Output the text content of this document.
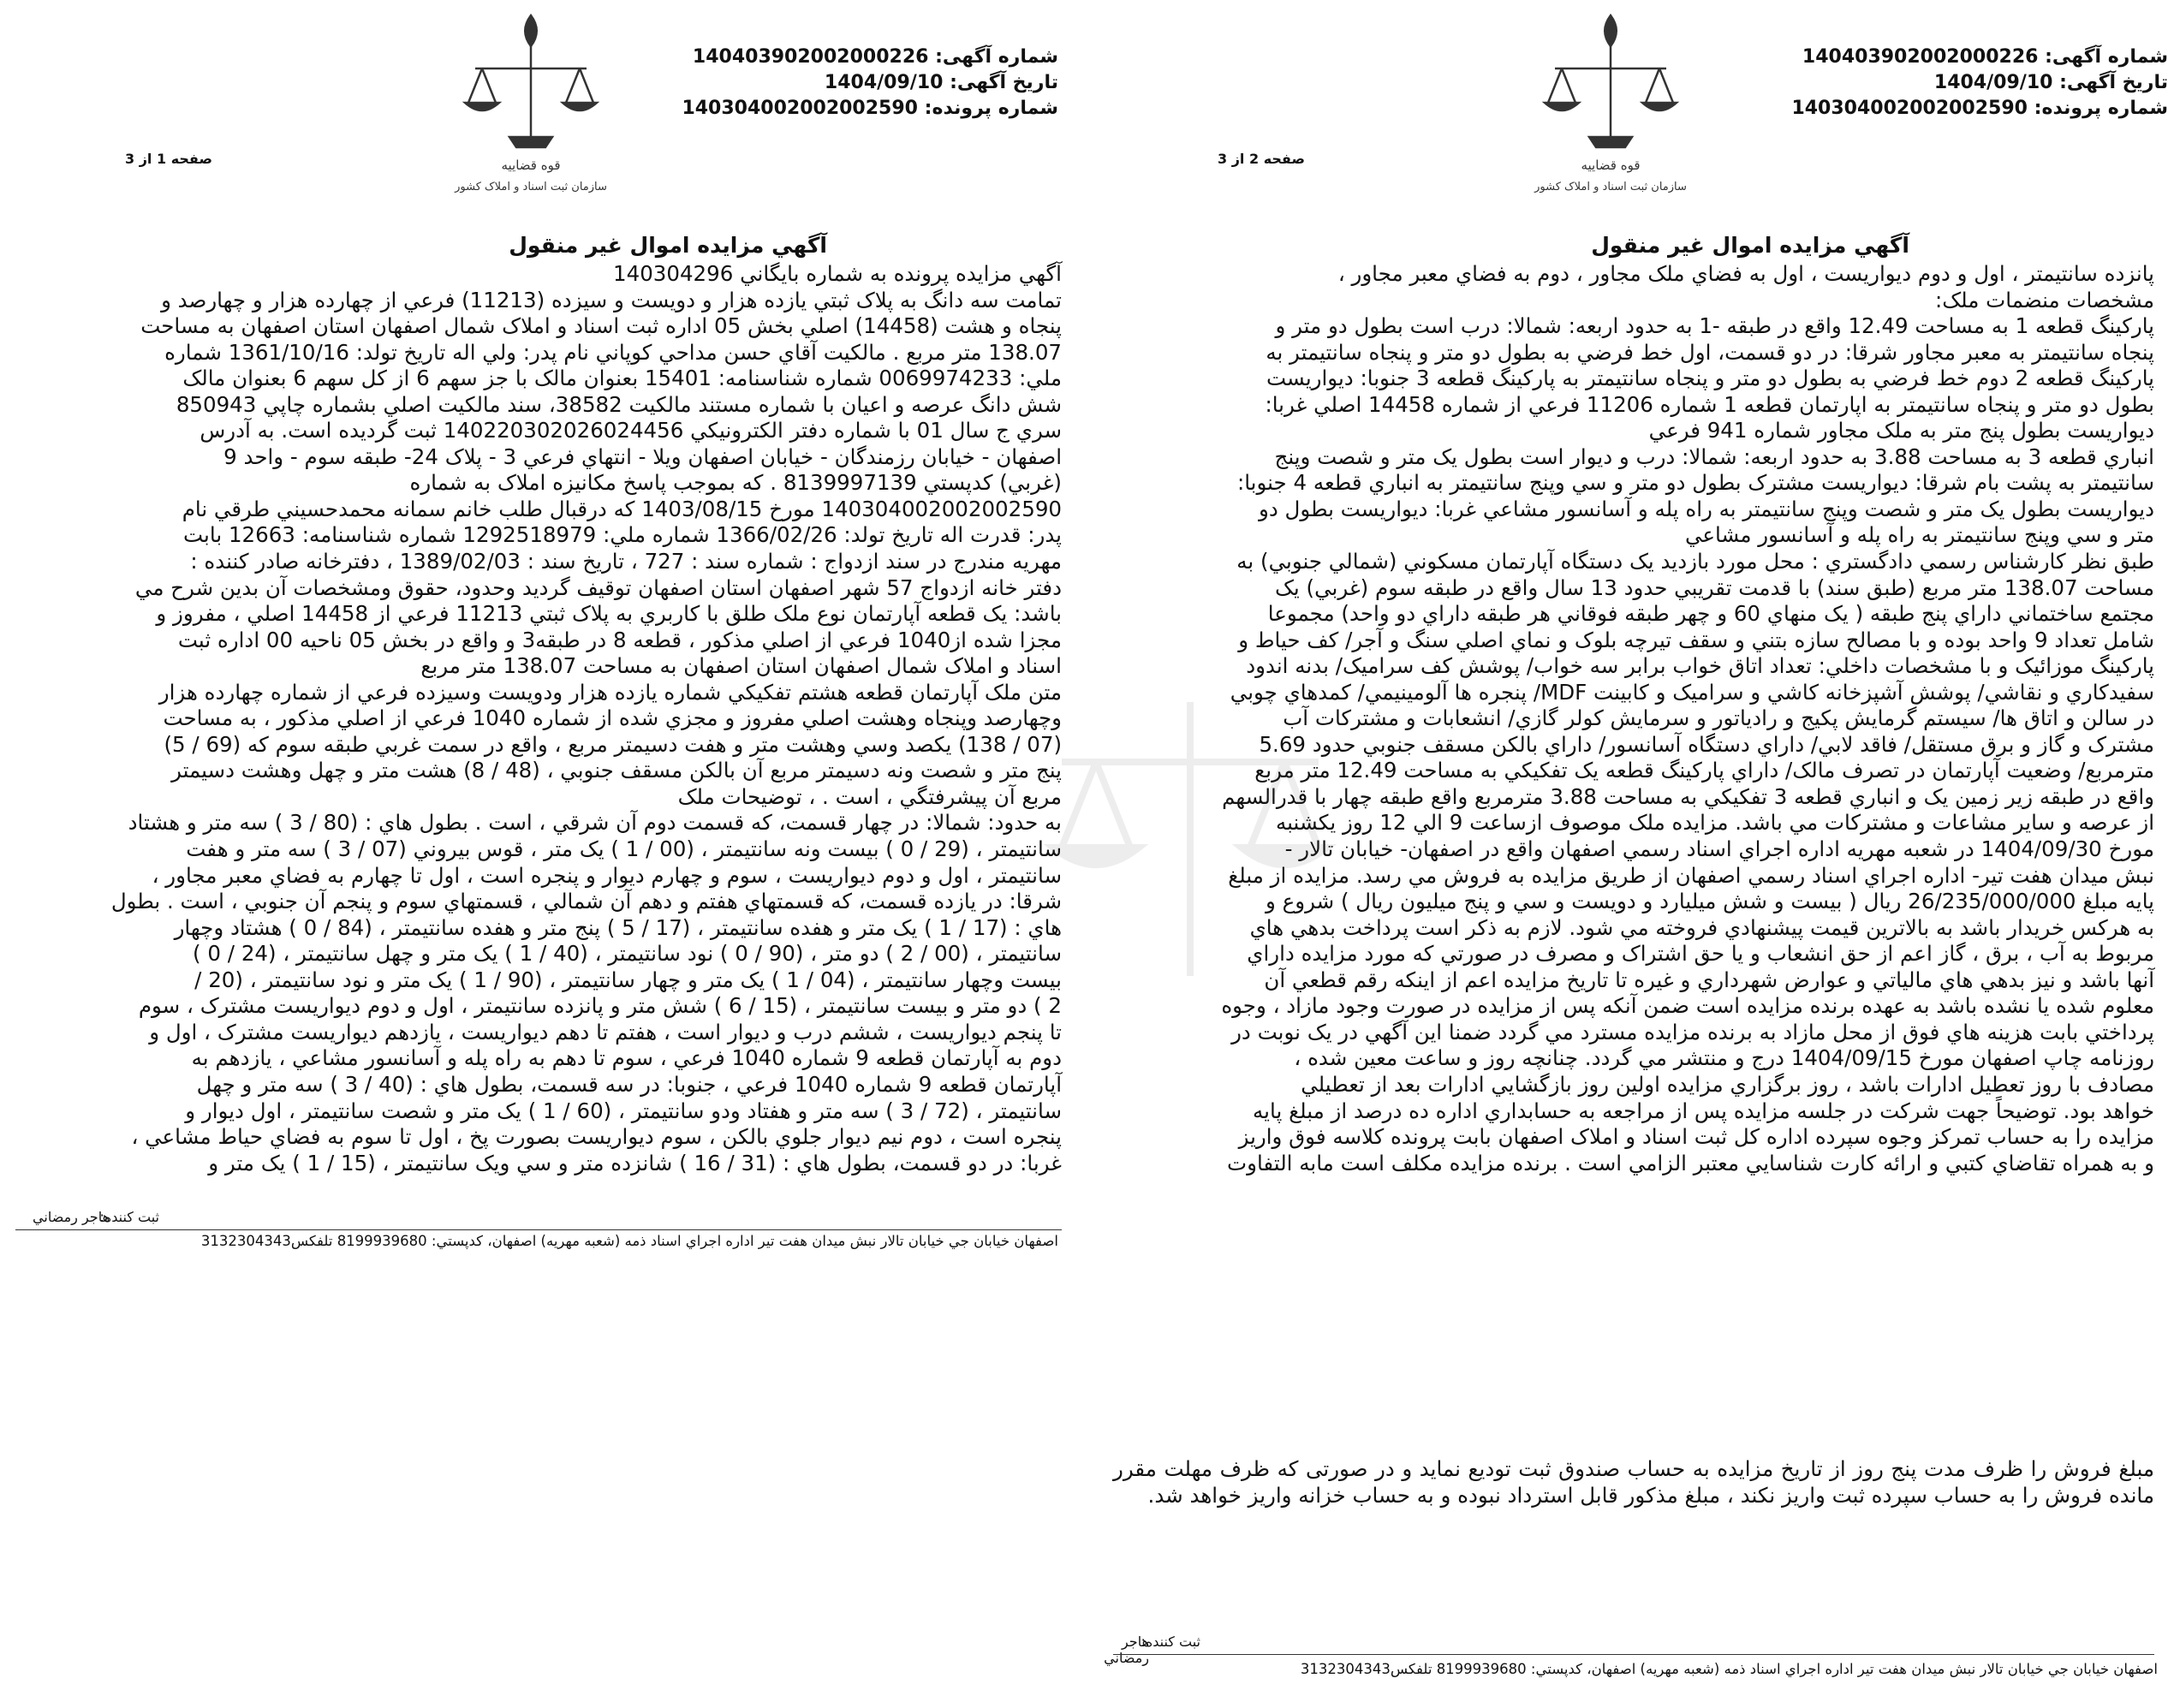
شماره آگهی: 140403902002000226
تاریخ آگهی: 1404/09/10
شماره پرونده: 140304002002002590
قوه قضاییه
سازمان ثبت اسناد و املاک کشور
صفحه 1 از 3
آگهي مزايده اموال غير منقول

آگهي مزايده پرونده به شماره بايگاني 140304296

تمامت سه دانگ به پلاک ثبتي يازده هزار و دويست و سيزده (11213) فرعي از چهارده هزار و چهارصد و

پنجاه و هشت (14458) اصلي بخش 05 اداره ثبت اسناد و املاک شمال اصفهان استان اصفهان به مساحت

138.07 متر مربع . مالکيت آقاي حسن مداحي کوپاني نام پدر: ولي اله تاريخ تولد: 1361/10/16 شماره

ملي: 0069974233 شماره شناسنامه: 15401 بعنوان مالک با جز سهم 6 از کل سهم 6 بعنوان مالک

شش دانگ عرصه و اعيان با شماره مستند مالکيت 38582، سند مالکيت اصلي بشماره چاپي 850943

سري ج سال 01 با شماره دفتر الکترونيکي 140220302026024456 ثبت گرديده است. به آدرس

اصفهان - خيابان رزمندگان - خيابان اصفهان ويلا - انتهاي فرعي 3 - پلاک 24- طبقه سوم - واحد 9

(غربي) کدپستي 8139997139 . که بموجب پاسخ مکانيزه املاک به شماره

140304002002002590 مورخ 1403/08/15 که درقبال طلب خانم سمانه محمدحسيني طرقي نام

پدر: قدرت اله تاريخ تولد: 1366/02/26 شماره ملي: 1292518979 شماره شناسنامه: 12663 بابت

مهريه مندرج در سند ازدواج : شماره سند : 727 ، تاريخ سند : 1389/02/03 ، دفترخانه صادر کننده :

دفتر خانه ازدواج 57 شهر اصفهان استان اصفهان توقيف گرديد وحدود، حقوق ومشخصات آن بدين شرح مي

باشد: يک قطعه آپارتمان نوع ملک طلق با کاربري به پلاک ثبتي 11213 فرعي از 14458 اصلي ، مفروز و

مجزا شده از1040 فرعي از اصلي مذکور ، قطعه 8 در طبقه3 و واقع در بخش 05 ناحيه 00 اداره ثبت

اسناد و املاک شمال اصفهان استان اصفهان به مساحت 138.07 متر مربع

متن ملک آپارتمان قطعه هشتم تفکيکي شماره يازده هزار ودويست وسيزده فرعي از شماره چهارده هزار

وچهارصد وپنجاه وهشت اصلي مفروز و مجزي شده از شماره 1040 فرعي از اصلي مذکور ، به مساحت

(07 / 138) يکصد وسي وهشت متر و هفت دسيمتر مربع ، واقع در سمت غربي طبقه سوم که (69 / 5)

پنج متر و شصت ونه دسيمتر مربع آن بالکن مسقف جنوبي ، (48 / 8) هشت متر و چهل وهشت دسيمتر

مربع آن پيشرفتگي ، است . ، توضيحات ملک

به حدود: شمالا: در چهار قسمت، که قسمت دوم آن شرقي ، است . بطول هاي : (80 / 3 ) سه متر و هشتاد

سانتيمتر ، (29 / 0 ) بيست ونه سانتيمتر ، (00 / 1 ) يک متر ، قوس بيروني (07 / 3 ) سه متر و هفت

سانتيمتر ، اول و دوم ديواريست ، سوم و چهارم ديوار و پنجره است ، اول تا چهارم به فضاي معبر مجاور ،

شرقا: در يازده قسمت، که قسمتهاي هفتم و دهم آن شمالي ، قسمتهاي سوم و پنجم آن جنوبي ، است . بطول

هاي : (17 / 1 ) يک متر و هفده سانتيمتر ، (17 / 5 ) پنج متر و هفده سانتيمتر ، (84 / 0 ) هشتاد وچهار

سانتيمتر ، (00 / 2 ) دو متر ، (90 / 0 ) نود سانتيمتر ، (40 / 1 ) يک متر و چهل سانتيمتر ، (24 / 0 )

بيست وچهار سانتيمتر ، (04 / 1 ) يک متر و چهار سانتيمتر ، (90 / 1 ) يک متر و نود سانتيمتر ، (20 /

2 ) دو متر و بيست سانتيمتر ، (15 / 6 ) شش متر و پانزده سانتيمتر ، اول و دوم ديواريست مشترک ، سوم

تا پنجم ديواريست ، ششم درب و ديوار است ، هفتم تا دهم ديواريست ، يازدهم ديواريست مشترک ، اول و

دوم به آپارتمان قطعه 9 شماره 1040 فرعي ، سوم تا دهم به راه پله و آسانسور مشاعي ، يازدهم به

آپارتمان قطعه 9 شماره 1040 فرعي ، جنوبا: در سه قسمت، بطول هاي : (40 / 3 ) سه متر و چهل

سانتيمتر ، (72 / 3 ) سه متر و هفتاد ودو سانتيمتر ، (60 / 1 ) يک متر و شصت سانتيمتر ، اول ديوار و

پنجره است ، دوم نيم ديوار جلوي بالکن ، سوم ديواريست بصورت پخ ، اول تا سوم به فضاي حياط مشاعي ،

غربا: در دو قسمت، بطول هاي : (31 / 16 ) شانزده متر و سي ويک سانتيمتر ، (15 / 1 ) يک متر و

ثبت کننده:
هاجر رمضاني
اصفهان خيابان جي خيابان تالار نبش ميدان هفت تير اداره اجراي اسناد ذمه (شعبه مهريه) اصفهان، کدپستي: 8199939680 تلفکس3132304343
شماره آگهی: 140403902002000226
تاریخ آگهی: 1404/09/10
شماره پرونده: 140304002002002590
قوه قضاییه
سازمان ثبت اسناد و املاک کشور
صفحه 2 از 3
آگهي مزايده اموال غير منقول

پانزده سانتيمتر ، اول و دوم ديواريست ، اول به فضاي ملک مجاور ، دوم به فضاي معبر مجاور ،

مشخصات منضمات ملک:

پارکينگ قطعه 1 به مساحت 12.49 واقع در طبقه -1 به حدود اربعه: شمالا: درب است بطول دو متر و

پنجاه سانتيمتر به معبر مجاور شرقا: در دو قسمت، اول خط فرضي به بطول دو متر و پنجاه سانتيمتر به

پارکينگ قطعه 2 دوم خط فرضي به بطول دو متر و پنجاه سانتيمتر به پارکينگ قطعه 3 جنوبا: ديواريست

بطول دو متر و پنجاه سانتيمتر به اپارتمان قطعه 1 شماره 11206 فرعي از شماره 14458 اصلي غربا:

ديواريست بطول پنج متر به ملک مجاور شماره 941 فرعي

انباري قطعه 3 به مساحت 3.88 به حدود اربعه: شمالا: درب و ديوار است بطول يک متر و شصت وپنج

سانتيمتر به پشت بام شرقا: ديواريست مشترک بطول دو متر و سي وپنج سانتيمتر به انباري قطعه 4 جنوبا:

ديواريست بطول يک متر و شصت وپنج سانتيمتر به راه پله و آسانسور مشاعي غربا: ديواريست بطول دو

متر و سي وپنج سانتيمتر به راه پله و آسانسور مشاعي

طبق نظر کارشناس رسمي دادگستري : محل مورد بازديد يک دستگاه آپارتمان مسکوني (شمالي جنوبي) به

مساحت 138.07 متر مربع (طبق سند) با قدمت تقريبي حدود 13 سال واقع در طبقه سوم (غربي) يک

مجتمع ساختماني داراي پنج طبقه ( يک منهاي 60 و چهر طبقه فوقاني هر طبقه داراي دو واحد) مجموعا

شامل تعداد 9 واحد بوده و با مصالح سازه بتني و سقف تيرچه بلوک و نماي اصلي سنگ و آجر/ کف حياط و

پارکينگ موزائيک و با مشخصات داخلي: تعداد اتاق خواب برابر سه خواب/ پوشش کف سراميک/ بدنه اندود

سفيدکاري و نقاشي/ پوشش آشپزخانه کاشي و سراميک و کابينت MDF/ پنجره ها آلومينيمي/ کمدهاي چوبي

در سالن و اتاق ها/ سيستم گرمايش پکيج و رادياتور و سرمايش کولر گازي/ انشعابات و مشترکات آب

مشترک و گاز و برق مستقل/ فاقد لابي/ داراي دستگاه آسانسور/ داراي بالکن مسقف جنوبي حدود 5.69

مترمربع/ وضعيت آپارتمان در تصرف مالک/ داراي پارکينگ قطعه يک تفکيکي به مساحت 12.49 متر مربع

واقع در طبقه زير زمين يک و انباري قطعه 3 تفکيکي به مساحت 3.88 مترمربع واقع طبقه چهار با قدرالسهم

از عرصه و ساير مشاعات و مشترکات مي باشد. مزايده ملک موصوف ازساعت 9 الي 12 روز يکشنبه

مورخ 1404/09/30 در شعبه مهريه اداره اجراي اسناد رسمي اصفهان واقع در اصفهان- خيابان تالار -

نبش ميدان هفت تير- اداره اجراي اسناد رسمي اصفهان از طريق مزايده به فروش مي رسد. مزايده از مبلغ

پايه مبلغ 26/235/000/000 ريال ( بيست و شش ميليارد و دويست و سي و پنج ميليون ريال ) شروع و

به هرکس خريدار باشد به بالاترين قيمت پيشنهادي فروخته مي شود. لازم به ذکر است پرداخت بدهي هاي

مربوط به آب ، برق ، گاز اعم از حق انشعاب و يا حق اشتراک و مصرف در صورتي که مورد مزايده داراي

آنها باشد و نيز بدهي هاي مالياتي و عوارض شهرداري و غيره تا تاريخ مزايده اعم از اينکه رقم قطعي آن

معلوم شده يا نشده باشد به عهده برنده مزايده است ضمن آنکه پس از مزايده در صورت وجود مازاد ، وجوه

پرداختي بابت هزينه هاي فوق از محل مازاد به برنده مزايده مسترد مي گردد ضمنا اين آگهي در يک نوبت در

روزنامه چاپ اصفهان مورخ 1404/09/15 درج و منتشر مي گردد. چنانچه روز و ساعت معين شده ،

مصادف با روز تعطيل ادارات باشد ، روز برگزاري مزايده اولين روز بازگشايي ادارات بعد از تعطيلي

خواهد بود. توضيحاً جهت شرکت در جلسه مزايده پس از مراجعه به حسابداري اداره ده درصد از مبلغ پايه

مزايده را به حساب تمرکز وجوه سپرده اداره کل ثبت اسناد و املاک اصفهان بابت پرونده کلاسه فوق واريز

و به همراه تقاضاي کتبي و ارائه کارت شناسايي معتبر الزامي است . برنده مزايده مکلف است مابه التفاوت

مبلغ فروش را ظرف مدت پنج روز از تاريخ مزايده به حساب صندوق ثبت توديع نمايد و در صورتی که ظرف مهلت مقرر مانده فروش را به حساب سپرده ثبت واريز نکند ، مبلغ مذکور قابل استرداد نبوده و به حساب خزانه واريز خواهد شد.

ثبت کننده:
هاجر رمضاني
اصفهان خيابان جي خيابان تالار نبش ميدان هفت تير اداره اجراي اسناد ذمه (شعبه مهريه) اصفهان، کدپستي: 8199939680 تلفکس3132304343
